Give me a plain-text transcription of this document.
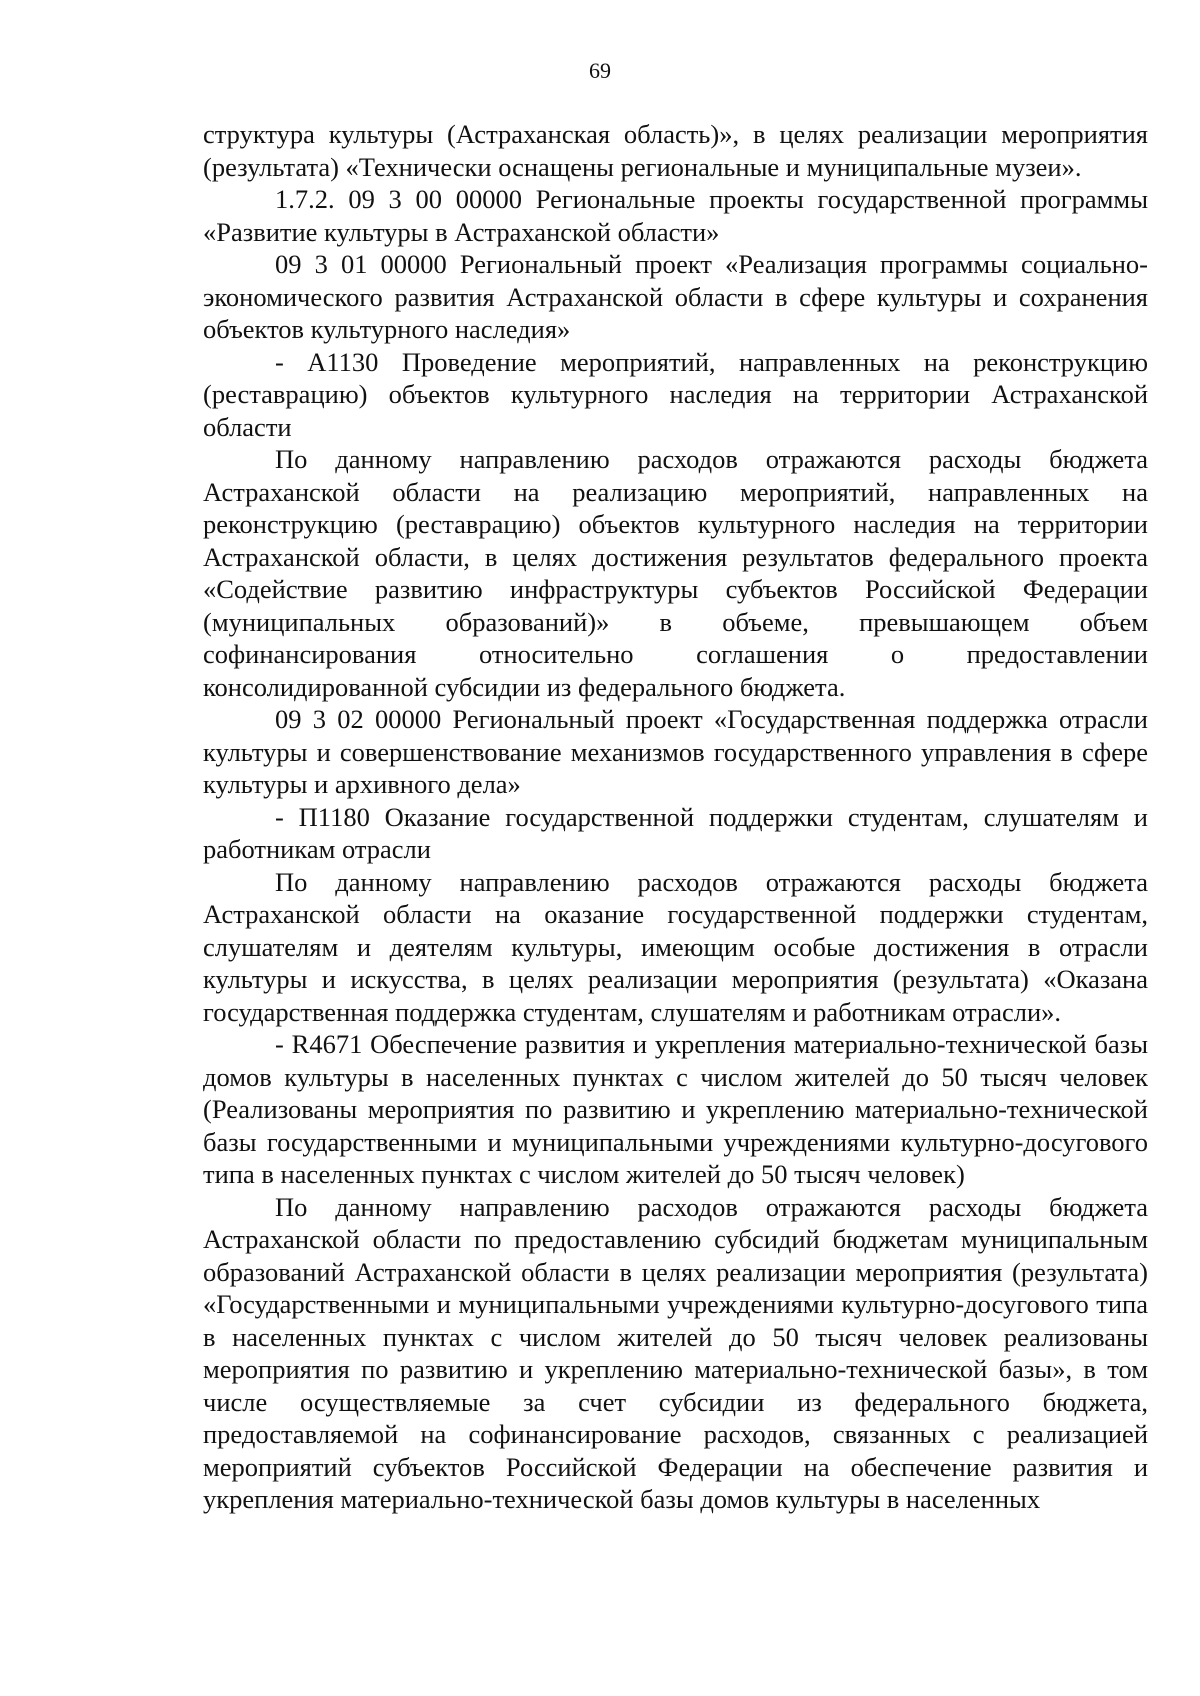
69

структура культуры (Астраханская область)», в целях реализации мероприятия (результата) «Технически оснащены региональные и муниципальные музеи».

1.7.2. 09 3 00 00000 Региональные проекты государственной программы «Развитие культуры в Астраханской области»

09 3 01 00000 Региональный проект «Реализация программы социально-экономического развития Астраханской области в сфере культуры и сохранения объектов культурного наследия»

- А1130 Проведение мероприятий, направленных на реконструкцию (реставрацию) объектов культурного наследия на территории Астраханской области

По данному направлению расходов отражаются расходы бюджета Астраханской области на реализацию мероприятий, направленных на реконструкцию (реставрацию) объектов культурного наследия на территории Астраханской области, в целях достижения результатов федерального проекта «Содействие развитию инфраструктуры субъектов Российской Федерации (муниципальных образований)» в объеме, превышающем объем софинансирования относительно соглашения о предоставлении консолидированной субсидии из федерального бюджета.

09 3 02 00000 Региональный проект «Государственная поддержка отрасли культуры и совершенствование механизмов государственного управления в сфере культуры и архивного дела»

- П1180 Оказание государственной поддержки студентам, слушателям и работникам отрасли

По данному направлению расходов отражаются расходы бюджета Астраханской области на оказание государственной поддержки студентам, слушателям и деятелям культуры, имеющим особые достижения в отрасли культуры и искусства, в целях реализации мероприятия (результата) «Оказана государственная поддержка студентам, слушателям и работникам отрасли».

- R4671 Обеспечение развития и укрепления материально-технической базы домов культуры в населенных пунктах с числом жителей до 50 тысяч человек (Реализованы мероприятия по развитию и укреплению материально-технической базы государственными и муниципальными учреждениями культурно-досугового типа в населенных пунктах с числом жителей до 50 тысяч человек)

По данному направлению расходов отражаются расходы бюджета Астраханской области по предоставлению субсидий бюджетам муниципальным образований Астраханской области в целях реализации мероприятия (результата) «Государственными и муниципальными учреждениями культурно-досугового типа в населенных пунктах с числом жителей до 50 тысяч человек реализованы мероприятия по развитию и укреплению материально-технической базы», в том числе осуществляемые за счет субсидии из федерального бюджета, предоставляемой на софинансирование расходов, связанных с реализацией мероприятий субъектов Российской Федерации на обеспечение развития и укрепления материально-технической базы домов культуры в населенных
